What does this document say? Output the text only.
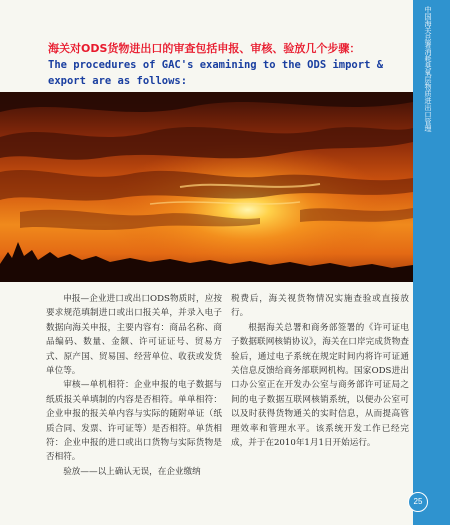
中国海关总署消耗臭氧层物质进出口管理
海关对ODS货物进出口的审查包括申报、审核、验放几个步骤：
The procedures of GAC's examining to the ODS import & export are as follows:

申报—企业进口或出口ODS物质时，应按要求规范填制进口或出口报关单，并录入电子数据向海关申报，主要内容有：商品名称、商品编码、数量、金额、许可证证号、贸易方式、原产国、贸易国、经营单位、收获或发货单位等。

审核—单机相符：企业申报的电子数据与纸质报关单填制的内容是否相符。单单相符：企业申报的报关单内容与实际的随附单证（纸质合同、发票、许可证等）是否相符。单货相符：企业申报的进口或出口货物与实际货物是否相符。

验放——以上确认无误，在企业缴纳

税费后，海关视货物情况实施查验或直接放行。

根据海关总署和商务部签署的《许可证电子数据联网核销协议》，海关在口岸完成货物查验后，通过电子系统在规定时间内将许可证通关信息反馈给商务部联网机构。国家ODS进出口办公室正在开发办公室与商务部许可证局之间的电子数据互联网核销系统，以便办公室可以及时获得货物通关的实时信息，从而提高管理效率和管理水平。该系统开发工作已经完成，并于在2010年1月1日开始运行。

25
